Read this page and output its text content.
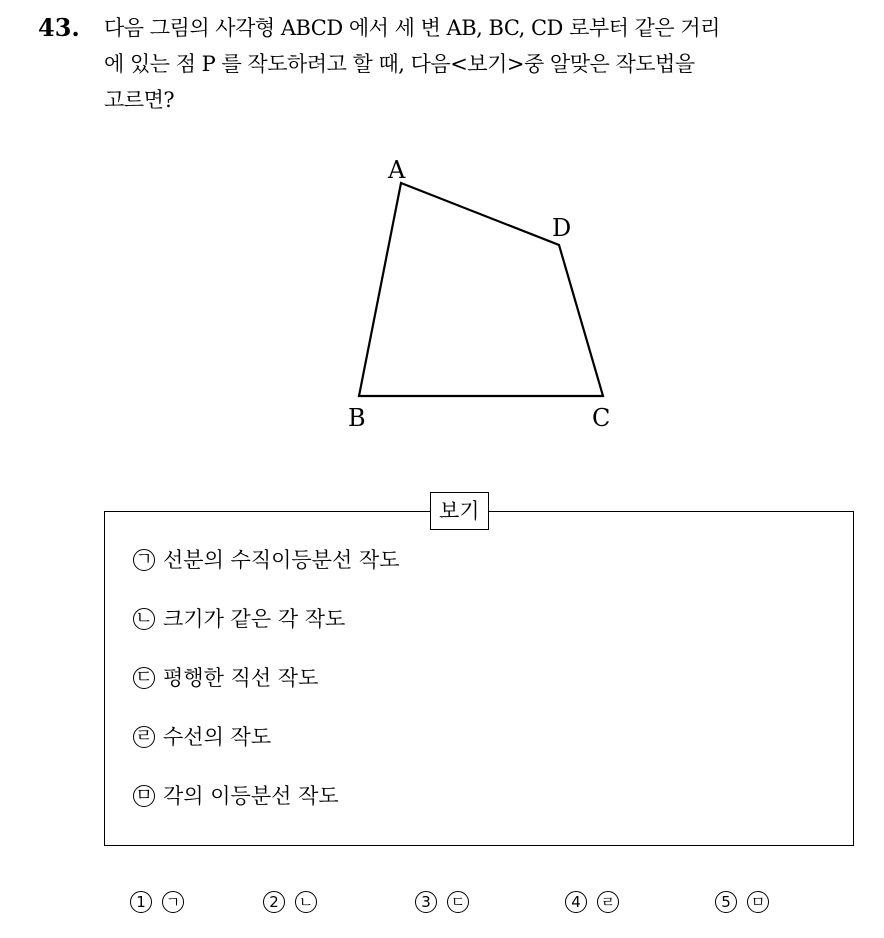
43. 다음 그림의 사각형 ABCD 에서 세 변 AB, BC, CD 로부터 같은 거리
에 있는 점 P 를 작도하려고 할 때, 다음<보기>중 알맞은 작도법을
고르면?
A
D
B	C
보기
ㄱ 선분의 수직이등분선 작도
ㄴ 크기가 같은 각 작도
ㄷ 평행한 직선 작도
ㄹ 수선의 작도
ㅁ 각의 이등분선 작도
1 ㄱ	2 ㄴ	3 ㄷ	4 ㄹ	5 ㅁ
